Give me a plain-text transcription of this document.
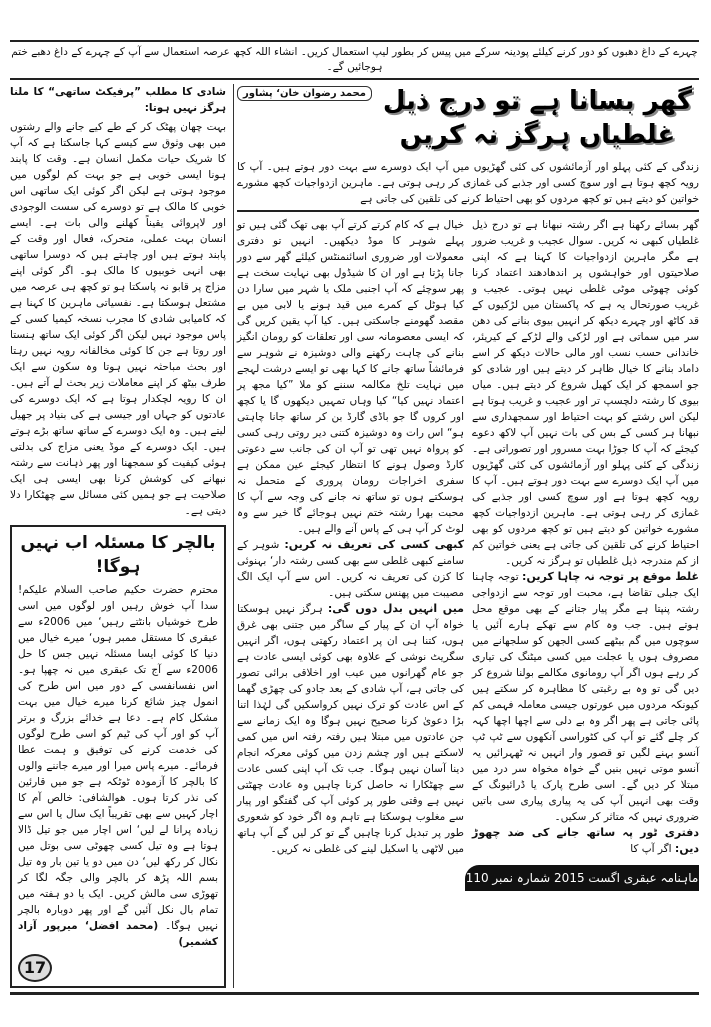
چہرے کے داغ دھبوں کو دور کرنے کیلئے پودینہ سرکے میں پیس کر بطور لیپ استعمال کریں۔ انشاء اللہ کچھ عرصہ استعمال سے آپ کے چہرے کے داغ دھبے ختم ہوجائیں گے۔
شادی کا مطلب ”پرفیکٹ ساتھی“ کا ملنا ہرگز نہیں ہوتا:
بہت چھان پھٹک کر کے طے کیے جانے والے رشتوں میں بھی وثوق سے کیسے کہا جاسکتا ہے کہ آپ کا شریک حیات مکمل انسان ہے۔ وقت کا پابند ہونا ایسی خوبی ہے جو بہت کم لوگوں میں موجود ہوتی ہے لیکن اگر کوئی ایک ساتھی اس خوبی کا مالک ہے تو دوسرے کی سست الوجودی اور لاپروائی یقیناً کھلنے والی بات ہے۔ ایسے انسان بہت عملی، متحرک، فعال اور وقت کے پابند ہوتے ہیں اور چاہتے ہیں کہ دوسرا ساتھی بھی انہی خوبیوں کا مالک ہو۔ اگر کوئی اپنے مزاج پر قابو نہ پاسکتا ہو تو کچھ ہی عرصہ میں مشتعل ہوسکتا ہے۔ نفسیاتی ماہرین کا کہنا ہے کہ کامیابی شادی کا مجرب نسخہ کیمیا کسی کے پاس موجود نہیں لیکن اگر کوئی ایک ساتھ ہنستا اور روتا ہے جن کا کوئی مخالفانہ رویہ نہیں رہتا اور بحث مباحثہ نہیں ہوتا وہ سکون سے ایک طرف بیٹھ کر اپنے معاملات زیر بحث لے آتے ہیں۔ ان کا رویہ لچکدار ہوتا ہے کہ ایک دوسرے کی عادتوں کو جہاں اور جیسی ہے کی بنیاد پر جھیل لیتے ہیں۔ وہ ایک دوسرے کے ساتھ ساتھ بڑے ہوتے ہیں۔ ایک دوسرے کے موڈ یعنی مزاج کی بدلتی ہوئی کیفیت کو سمجھنا اور پھر ذہانت سے رشتہ نبھانے کی کوشش کرنا بھی ایسی ہی ایک صلاحیت ہے جو ہمیں کئی مسائل سے چھٹکارا دلا دیتی ہے۔
بالچر کا مسئلہ اب نہیں ہوگا!
محترم حضرت حکیم صاحب السلام علیکم! سدا آپ خوش رہیں اور لوگوں میں اسی طرح خوشیاں بانٹتے رہیں‘ میں 2006ء سے عبقری کا مستقل ممبر ہوں‘ میرے خیال میں دنیا کا کوئی ایسا مسئلہ نہیں جس کا حل 2006ء سے آج تک عبقری میں نہ چھپا ہو۔ اس نفسانفسی کے دور میں اس طرح کی انمول چیز شائع کرنا میرے خیال میں بہت مشکل کام ہے۔ دعا ہے خدائے بزرگ و برتر آپ کو اور آپ کی ٹیم کو اسی طرح لوگوں کی خدمت کرنے کی توفیق و ہمت عطا فرمائے۔ میرے پاس میرا اور میرے جاننے والوں کا بالچر کا آزمودہ ٹوٹکہ ہے جو میں قارئین کی نذر کرتا ہوں۔ ھوالشافی: خالص آم کا اچار کہیں سے بھی تقریباً ایک سال یا اس سے زیادہ پرانا لے لیں‘ اس اچار میں جو تیل ڈالا ہوتا ہے وہ تیل کسی چھوٹی سی بوتل میں نکال کر رکھ لیں‘ دن میں دو یا تین بار وہ تیل بسم اللہ پڑھ کر بالچر والی جگہ لگا کر تھوڑی سی مالش کریں۔ ایک یا دو ہفتہ میں تمام بال نکل آئیں گے اور پھر دوبارہ بالچر نہیں ہوگا۔ (محمد افضل‘ میرپور آزاد کشمیر)
17
محمد رضوان خان‘ پشاور گھر بسانا ہے تو درج ذیل غلطیاں ہرگز نہ کریں
زندگی کے کئی پہلو اور آزمائشوں کی کئی گھڑیوں میں آپ ایک دوسرے سے بہت دور ہوتے ہیں۔ آپ کا رویہ کچھ ہوتا ہے اور سوچ کسی اور جذبے کی غمازی کر رہی ہوتی ہے۔ ماہرین ازدواجیات کچھ مشورے خواتین کو دیتے ہیں تو کچھ مردوں کو بھی احتیاط کرنے کی تلقین کی جاتی ہے
گھر بسائے رکھنا ہے اگر رشتہ نبھانا ہے تو درج ذیل غلطیاں کبھی نہ کریں۔ سوال عجیب و غریب ضرور ہے مگر ماہرین ازدواجیات کا کہنا ہے کہ اپنی صلاحیتوں اور خواہشوں پر اندھادھند اعتماد کرنا کوئی چھوٹی موٹی غلطی نہیں ہوتی۔ عجیب و غریب صورتحال یہ ہے کہ پاکستان میں لڑکیوں کے قد کاٹھ اور چہرے دیکھ کر انہیں بیوی بنانے کی دھن سر میں سماتی ہے اور لڑکی والے لڑکے کے کیریئر، خاندانی حسب نسب اور مالی حالات دیکھ کر اسے داماد بنانے کا خیال ظاہر کر دیتے ہیں اور شادی کو جو اسمجھ کر ایک کھیل شروع کر دیتے ہیں۔ میاں بیوی کا رشتہ دلچسپ تر اور عجیب و غریب ہوتا ہے لیکن اس رشتے کو بہت احتیاط اور سمجھداری سے نبھانا ہر کسی کے بس کی بات نہیں آپ لاکھ دعوے کیجئے کہ آپ کا جوڑا بہت مسرور اور تصوراتی ہے۔ زندگی کے کئی پہلو اور آزمائشوں کی کئی گھڑیوں میں آپ ایک دوسرے سے بہت دور ہوتے ہیں۔ آپ کا رویہ کچھ ہوتا ہے اور سوچ کسی اور جذبے کی غمازی کر رہی ہوتی ہے۔ ماہرین ازدواجیات کچھ مشورے خواتین کو دیتے ہیں تو کچھ مردوں کو بھی احتیاط کرنے کی تلقین کی جاتی ہے یعنی خواتین کم از کم مندرجہ ذیل غلطیاں تو ہرگز نہ کریں۔
غلط موقع پر توجہ نہ چاہا کریں: توجہ چاہنا ایک جبلی تقاضا ہے، محبت اور توجہ سے ازدواجی رشتہ پنپتا ہے مگر پیار جتانے کے بھی موقع محل ہوتے ہیں۔ جب وہ کام سے تھکے ہارے آئیں یا سوچوں میں گم بیٹھے کسی الجھن کو سلجھانے میں مصروف ہوں یا عجلت میں کسی میٹنگ کی تیاری کر رہے ہوں اگر آپ رومانوی مکالمے بولنا شروع کر دیں گی تو وہ بے رغبتی کا مظاہرہ کر سکتے ہیں کیونکہ مردوں میں عورتوں جیسی معاملہ فہمی کم پائی جاتی ہے پھر اگر وہ بے دلی سے اچھا اچھا کہہ کر چلے گئے تو آپ کی کٹوراسی آنکھوں سے ٹپ ٹپ آنسو بہنے لگیں تو قصور وار انہیں نہ ٹھہرائیں یہ آنسو موتی نہیں بنیں گے خواہ مخواہ سر درد میں مبتلا کر دیں گے۔ اسی طرح پارک یا ڈرائیونگ کے وقت بھی انہیں آپ کی یہ پیاری پیاری سی باتیں ضروری نہیں کہ متاثر کر سکیں۔
دفتری ٹور پہ ساتھ جانے کی ضد چھوڑ دیں: اگر آپ کا
خیال ہے کہ کام کرتے کرتے آپ بھی تھک گئی ہیں تو پہلے شوہر کا موڈ دیکھیں۔ انہیں تو دفتری معمولات اور ضروری اسائنمنٹس کیلئے گھر سے دور جانا پڑتا ہے اور ان کا شیڈول بھی نہایت سخت ہے پھر سوچئے کہ آپ اجنبی ملک یا شہر میں سارا دن کیا ہوٹل کے کمرے میں قید ہونے یا لابی میں بے مقصد گھومنے جاسکتی ہیں۔ کیا آپ یقین کریں گی کہ ایسی معصومانہ سی اور تعلقات کو رومان انگیز بنانے کی چاہت رکھنے والی دوشیزہ نے شوہر سے فرمائشاً ساتھ جانے کا کہا بھی تو ایسے درشت لہجے میں نہایت تلخ مکالمہ سننے کو ملا ”کیا مجھ پر اعتماد نہیں کیا“ کیا وہاں تمہیں دیکھوں گا یا کچھ اور کروں گا جو باڈی گارڈ بن کر ساتھ جانا چاہتی ہو“ اس رات وہ دوشیزہ کتنی دیر روتی رہی کسی کو پرواہ نہیں تھی تو آپ ان کی جانب سے دعوتی کارڈ وصول ہونے کا انتظار کیجئے عین ممکن ہے سفری اخراجات رومان پروری کے متحمل نہ ہوسکتے ہوں تو ساتھ نہ جانے کی وجہ سے آپ کا محبت بھرا رشتہ ختم نہیں ہوجائے گا خیر سے وہ لوٹ کر آپ ہی کے پاس آنے والے ہیں۔
کبھی کسی کی تعریف نہ کریں: شوہر کے سامنے کبھی غلطی سے بھی کسی رشتہ دار‘ بہنوئی کا کزن کی تعریف نہ کریں۔ اس سے آپ ایک الگ مصیبت میں پھنس سکتی ہیں۔
میں انہیں بدل دوں گی: ہرگز نہیں ہوسکتا خواہ آپ ان کے پیار کے ساگر میں جتنی بھی غرق ہوں، کتنا ہی ان پر اعتماد رکھتی ہوں، اگر انہیں سگریٹ نوشی کے علاوہ بھی کوئی ایسی عادت ہے جو عام گھرانوں میں عیب اور اخلاقی برائی تصور کی جاتی ہے، آپ شادی کے بعد جادو کی چھڑی گھما کے اس عادت کو ترک نہیں کرواسکیں گی لہٰذا اتنا بڑا دعویٰ کرنا صحیح نہیں ہوگا وہ ایک زمانے سے جن عادتوں میں مبتلا ہیں رفتہ رفتہ اس میں کمی لاسکتے ہیں اور چشم زدن میں کوئی معرکہ انجام دینا آسان نہیں ہوگا۔ جب تک آپ اپنی کسی عادت سے چھٹکارا نہ حاصل کرنا چاہیں وہ عادت چھٹتی نہیں ہے وقتی طور پر کوئی آپ کی گفتگو اور پیار سے مغلوب ہوسکتا ہے تاہم وہ اگر خود کو شعوری طور پر تبدیل کرنا چاہیں گے تو کر لیں گے آپ ہاتھ میں لاٹھی یا اسکیل لینے کی غلطی نہ کریں۔
ماہنامہ عبقری اگست 2015 شمارہ نمبر 110
